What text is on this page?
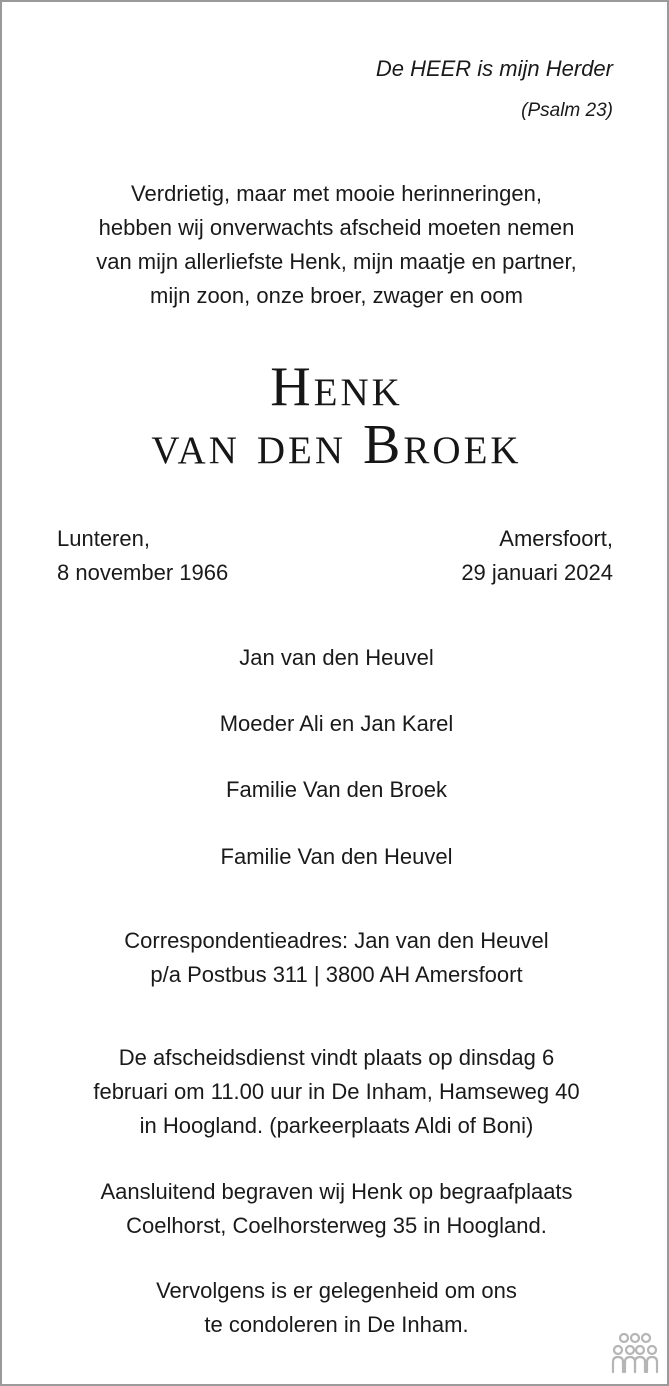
De HEER is mijn Herder
(Psalm 23)
Verdrietig, maar met mooie herinneringen,
hebben wij onverwachts afscheid moeten nemen
van mijn allerliefste Henk, mijn maatje en partner,
mijn zoon, onze broer, zwager en oom
Henk
van den Broek
Lunteren,
8 november 1966
Amersfoort,
29 januari 2024
Jan van den Heuvel
Moeder Ali en Jan Karel
Familie Van den Broek
Familie Van den Heuvel
Correspondentieadres: Jan van den Heuvel
p/a Postbus 311 | 3800 AH Amersfoort
De afscheidsdienst vindt plaats op dinsdag 6
februari om 11.00 uur in De Inham, Hamseweg 40
in Hoogland. (parkeerplaats Aldi of Boni)
Aansluitend begraven wij Henk op begraafplaats
Coelhorst, Coelhorsterweg 35 in Hoogland.
Vervolgens is er gelegenheid om ons
te condoleren in De Inham.
